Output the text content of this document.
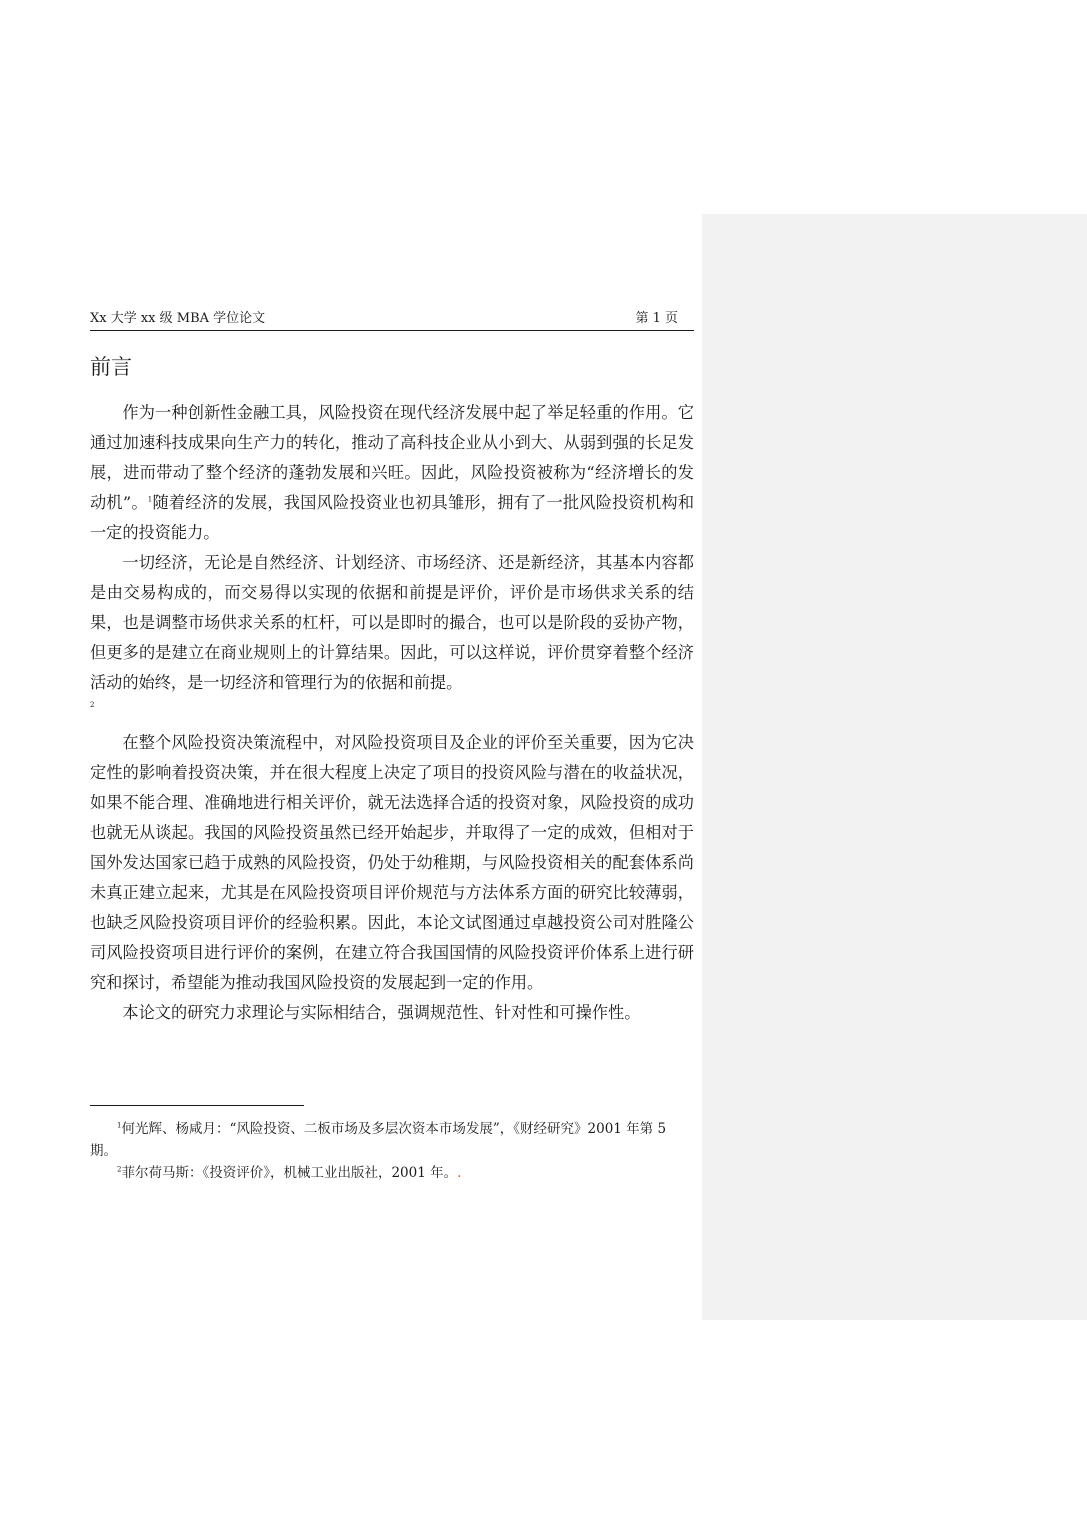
Xx 大学 xx 级 MBA 学位论文	第 1 页
前言

作为一种创新性金融工具，风险投资在现代经济发展中起了举足轻重的作用。它通过加速科技成果向生产力的转化，推动了高科技企业从小到大、从弱到强的长足发展，进而带动了整个经济的蓬勃发展和兴旺。因此，风险投资被称为“经济增长的发动机”。$^1$随着经济的发展，我国风险投资业也初具雏形，拥有了一批风险投资机构和一定的投资能力。

一切经济，无论是自然经济、计划经济、市场经济、还是新经济，其基本内容都是由交易构成的，而交易得以实现的依据和前提是评价，评价是市场供求关系的结果，也是调整市场供求关系的杠杆，可以是即时的撮合，也可以是阶段的妥协产物，但更多的是建立在商业规则上的计算结果。因此，可以这样说，评价贯穿着整个经济活动的始终，是一切经济和管理行为的依据和前提。

2

在整个风险投资决策流程中，对风险投资项目及企业的评价至关重要，因为它决定性的影响着投资决策，并在很大程度上决定了项目的投资风险与潜在的收益状况，如果不能合理、准确地进行相关评价，就无法选择合适的投资对象，风险投资的成功也就无从谈起。我国的风险投资虽然已经开始起步，并取得了一定的成效，但相对于国外发达国家已趋于成熟的风险投资，仍处于幼稚期，与风险投资相关的配套体系尚未真正建立起来，尤其是在风险投资项目评价规范与方法体系方面的研究比较薄弱，也缺乏风险投资项目评价的经验积累。因此，本论文试图通过卓越投资公司对胜隆公司风险投资项目进行评价的案例，在建立符合我国国情的风险投资评价体系上进行研究和探讨，希望能为推动我国风险投资的发展起到一定的作用。

本论文的研究力求理论与实际相结合，强调规范性、针对性和可操作性。

$^1$何光辉、杨咸月：“风险投资、二板市场及多层次资本市场发展”，《财经研究》2001 年第 5 期。

$^2$菲尔荷马斯：《投资评价》，机械工业出版社，2001 年。.
